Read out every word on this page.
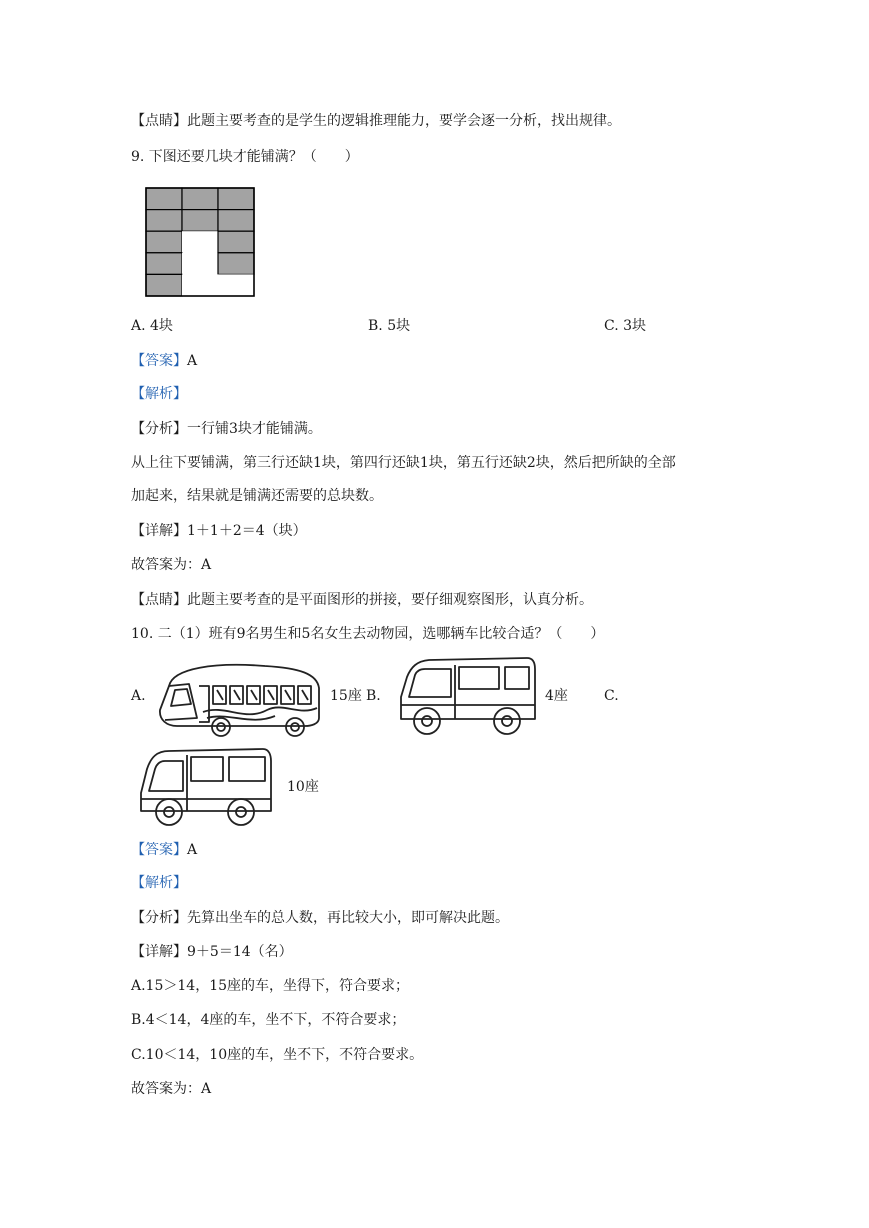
【点睛】此题主要考查的是学生的逻辑推理能力，要学会逐一分析，找出规律。
9. 下图还要几块才能铺满？（　　）
A. 4块	B. 5块	C. 3块
【答案】A
【解析】
【分析】一行铺3块才能铺满。
从上往下要铺满，第三行还缺1块，第四行还缺1块，第五行还缺2块，然后把所缺的全部
加起来，结果就是铺满还需要的总块数。
【详解】1＋1＋2＝4（块）
故答案为：A
【点睛】此题主要考查的是平面图形的拼接，要仔细观察图形，认真分析。
10. 二（1）班有9名男生和5名女生去动物园，选哪辆车比较合适？（　　）
A.	15座 B.	4座	C.
10座
【答案】A
【解析】
【分析】先算出坐车的总人数，再比较大小，即可解决此题。
【详解】9＋5＝14（名）
A.15＞14，15座的车，坐得下，符合要求；
B.4＜14，4座的车，坐不下，不符合要求；
C.10＜14，10座的车，坐不下，不符合要求。
故答案为：A
